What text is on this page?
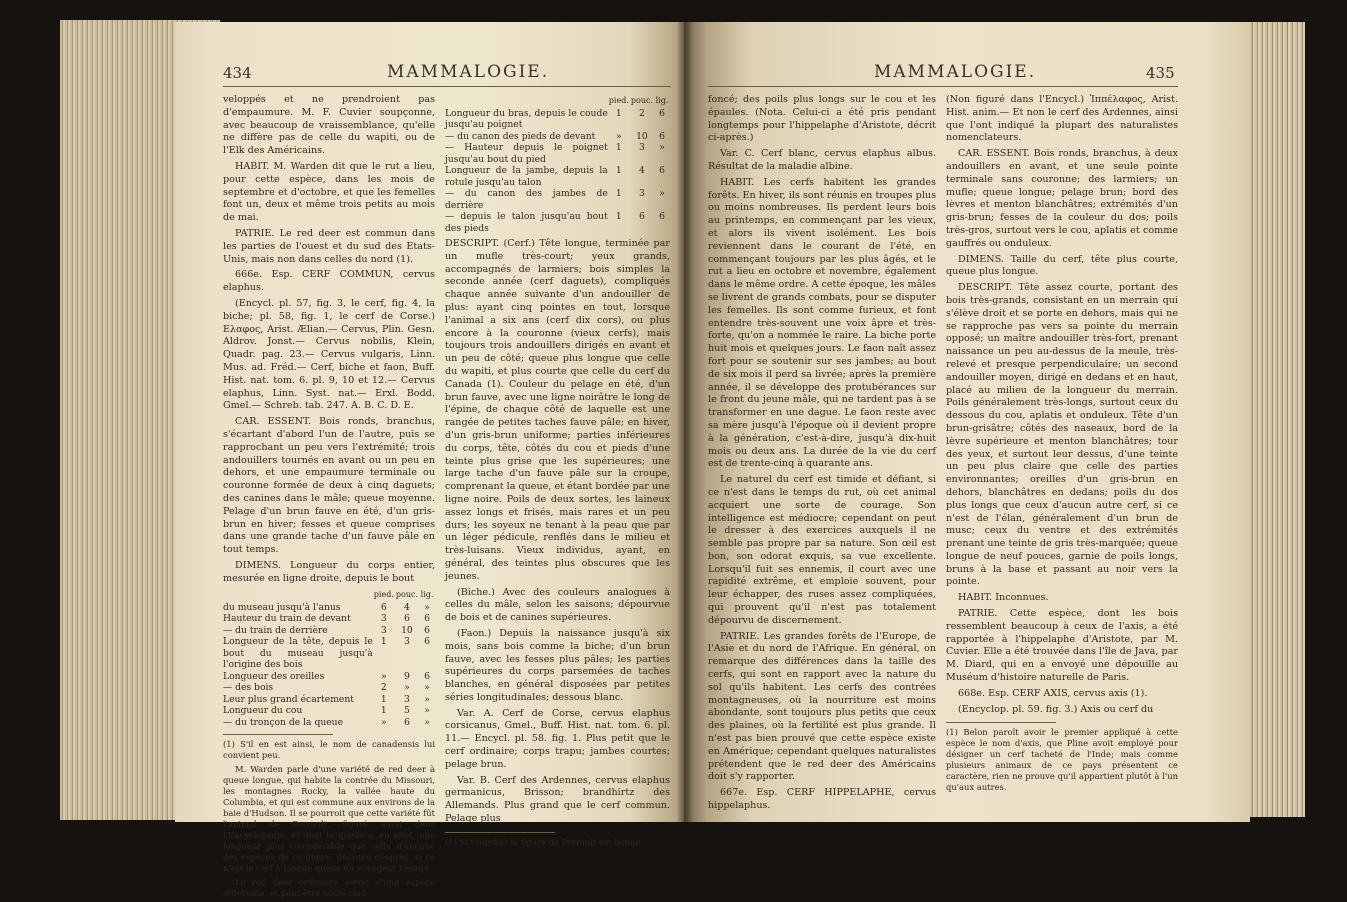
434	MAMMALOGIE.

veloppés et ne prendroient pas d'empaumure. M. F. Cuvier soupçonne, avec beaucoup de vraissemblance, qu'elle ne diffère pas de celle du wapiti, ou de l'Elk des Américains.

HABIT. M. Warden dit que le rut a lieu, pour cette espèce, dans les mois de septembre et d'octobre, et que les femelles font un, deux et même trois petits au mois de mai.

PATRIE. Le red deer est commun dans les parties de l'ouest et du sud des Etats-Unis, mais non dans celles du nord (1).

666e. Esp. CERF COMMUN, cervus elaphus.

(Encycl. pl. 57, fig. 3, le cerf, fig. 4, la biche; pl. 58, fig. 1, le cerf de Corse.) Ελαφος, Arist. Ælian.— Cervus, Plin. Gesn. Aldrov. Jonst.— Cervus nobilis, Klein, Quadr. pag. 23.— Cervus vulgaris, Linn. Mus. ad. Fréd.— Cerf, biche et faon, Buff. Hist. nat. tom. 6. pl. 9, 10 et 12.— Cervus elaphus, Linn. Syst. nat.— Erxl. Bodd. Gmel.— Schreb. tab. 247. A. B. C. D. E.

CAR. ESSENT. Bois ronds, branchus, s'écartant d'abord l'un de l'autre, puis se rapprochant un peu vers l'extrémité; trois andouillers tournés en avant ou un peu en dehors, et une empaumure terminale ou couronne formée de deux à cinq daguets; des canines dans le mâle; queue moyenne. Pelage d'un brun fauve en été, d'un gris-brun en hiver; fesses et queue comprises dans une grande tache d'un fauve pâle en tout temps.

DIMENS. Longueur du corps entier, mesurée en ligne droite, depuis le bout

	pied.	pouc.	lig.
du museau jusqu'à l'anus	6	4	»
Hauteur du train de devant	3	6	6
— du train de derrière	3	10	6
Longueur de la tête, depuis le bout du museau jusqu'à l'origine des bois	1	3	6
Longueur des oreilles	»	9	6
— des bois	2	»	»
Leur plus grand écartement	1	3	»
Longueur du cou	1	5	»
— du tronçon de la queue	»	6	»

(1) S'il en est ainsi, le nom de canadensis lui convient peu.

M. Warden parle d'une variété de red deer à queue longue, qui habite la contrée du Missouri, les montagnes Rocky, la vallée haute du Columbia, et qui est commune aux environs de la baie d'Hudson. Il se pourroit que cette variété fût l'animal de Perrault, figuré aussi dans l'Encyclopédie, et dont la queue a, en effet, une longueur plus considérable que celle d'aucune des espèces de ce genre, décrites ci-après, si ce n'est le cerf à longue queue du voyageur Lesage.

Le red deer ordinaire seroit d'une espèce différente, et peut-être notre cerf.

	pied.	pouc.	lig.
Longueur du bras, depuis le coude jusqu'au poignet	1	2	6
— du canon des pieds de devant	»	10	6
— Hauteur depuis le poignet jusqu'au bout du pied	1	3	»
Longueur de la jambe, depuis la rotule jusqu'au talon	1	4	6
— du canon des jambes de derrière	1	3	»
— depuis le talon jusqu'au bout des pieds	1	6	6

DESCRIPT. (Cerf.) Tête longue, terminée par un mufle très-court; yeux grands, accompagnés de larmiers; bois simples la seconde année (cerf daguets), compliqués chaque année suivante d'un andouiller de plus: ayant cinq pointes en tout, lorsque l'animal a six ans (cerf dix cors), ou plus encore à la couronne (vieux cerfs), mais toujours trois andouillers dirigés en avant et un peu de côté; queue plus longue que celle du wapiti, et plus courte que celle du cerf du Canada (1). Couleur du pelage en été, d'un brun fauve, avec une ligne noirâtre le long de l'épine, de chaque côté de laquelle est une rangée de petites taches fauve pâle; en hiver, d'un gris-brun uniforme; parties inférieures du corps, tête, côtés du cou et pieds d'une teinte plus grise que les supérieures; une large tache d'un fauve pâle sur la croupe, comprenant la queue, et étant bordée par une ligne noire. Poils de deux sortes, les laineux assez longs et frisés, mais rares et un peu durs; les soyeux ne tenant à la peau que par un léger pédicule, renflés dans le milieu et très-luisans. Vieux individus, ayant, en général, des teintes plus obscures que les jeunes.

(Biche.) Avec des couleurs analogues à celles du mâle, selon les saisons; dépourvue de bois et de canines supérieures.

(Faon.) Depuis la naissance jusqu'à six mois, sans bois comme la biche; d'un brun fauve, avec les fesses plus pâles; les parties supérieures du corps parsemées de taches blanches, en général disposées par petites séries longitudinales; dessous blanc.

Var. A. Cerf de Corse, cervus elaphus corsicanus, Gmel., Buff. Hist. nat. tom. 6. pl. 11.— Encycl. pl. 58. fig. 1. Plus petit que le cerf ordinaire; corps trapu; jambes courtes; pelage brun.

Var. B. Cerf des Ardennes, cervus elaphus germanicus, Brisson; brandhirtz des Allemands. Plus grand que le cerf commun. Pelage plus

(1) Si toutefois la figure de Perrault est bonne.
MAMMALOGIE.	435

foncé; des poils plus longs sur le cou et les épaules. (Nota. Celui-ci a été pris pendant longtemps pour l'hippelaphe d'Aristote, décrit ci-après.)

Var. C. Cerf blanc, cervus elaphus albus. Résultat de la maladie albine.

HABIT. Les cerfs habitent les grandes forêts. En hiver, ils sont réunis en troupes plus ou moins nombreuses. Ils perdent leurs bois au printemps, en commençant par les vieux, et alors ils vivent isolément. Les bois reviennent dans le courant de l'été, en commençant toujours par les plus âgés, et le rut a lieu en octobre et novembre, également dans le même ordre. A cette époque, les mâles se livrent de grands combats, pour se disputer les femelles. Ils sont comme furieux, et font entendre très-souvent une voix âpre et très-forte, qu'on a nommée le raire. La biche porte huit mois et quelques jours. Le faon naît assez fort pour se soutenir sur ses jambes; au bout de six mois il perd sa livrée; après la première année, il se développe des protubérances sur le front du jeune mâle, qui ne tardent pas à se transformer en une dague. Le faon reste avec sa mère jusqu'à l'époque où il devient propre à la génération, c'est-à-dire, jusqu'à dix-huit mois ou deux ans. La durée de la vie du cerf est de trente-cinq à quarante ans.

Le naturel du cerf est timide et défiant, si ce n'est dans le temps du rut, où cet animal acquiert une sorte de courage. Son intelligence est médiocre; cependant on peut le dresser à des exercices auxquels il ne semble pas propre par sa nature. Son œil est bon, son odorat exquis, sa vue excellente. Lorsqu'il fuit ses ennemis, il court avec une rapidité extrême, et emploie souvent, pour leur échapper, des ruses assez compliquées, qui prouvent qu'il n'est pas totalement dépourvu de discernement.

PATRIE. Les grandes forêts de l'Europe, de l'Asie et du nord de l'Afrique. En général, on remarque des différences dans la taille des cerfs, qui sont en rapport avec la nature du sol qu'ils habitent. Les cerfs des contrées montagneuses, où la nourriture est moins abondante, sont toujours plus petits que ceux des plaines, où la fertilité est plus grande. Il n'est pas bien prouvé que cette espèce existe en Amérique; cependant quelques naturalistes prétendent que le red deer des Américains doit s'y rapporter.

667e. Esp. CERF HIPPELAPHE, cervus hippelaphus.

(Non figuré dans l'Encycl.) Ἱππέλαφος, Arist. Hist. anim.— Et non le cerf des Ardennes, ainsi que l'ont indiqué la plupart des naturalistes nomenclateurs.

CAR. ESSENT. Bois ronds, branchus, à deux andouillers en avant, et une seule pointe terminale sans couronne; des larmiers; un mufle; queue longue; pelage brun; bord des lèvres et menton blanchâtres; extrémités d'un gris-brun; fesses de la couleur du dos; poils très-gros, surtout vers le cou, aplatis et comme gauffrés ou onduleux.

DIMENS. Taille du cerf, tête plus courte, queue plus longue.

DESCRIPT. Tête assez courte, portant des bois très-grands, consistant en un merrain qui s'élève droit et se porte en dehors, mais qui ne se rapproche pas vers sa pointe du merrain opposé; un maître andouiller très-fort, prenant naissance un peu au-dessus de la meule, très-relevé et presque perpendiculaire; un second andouiller moyen, dirigé en dedans et en haut, placé au milieu de la longueur du merrain. Poils généralement très-longs, surtout ceux du dessous du cou, aplatis et onduleux. Tête d'un brun-grisâtre; côtés des naseaux, bord de la lèvre supérieure et menton blanchâtres; tour des yeux, et surtout leur dessus, d'une teinte un peu plus claire que celle des parties environnantes; oreilles d'un gris-brun en dehors, blanchâtres en dedans; poils du dos plus longs que ceux d'aucun autre cerf, si ce n'est de l'élan, généralement d'un brun de musc; ceux du ventre et des extrémités prenant une teinte de gris très-marquée; queue longue de neuf pouces, garnie de poils longs, bruns à la base et passant au noir vers la pointe.

HABIT. Inconnues.

PATRIE. Cette espèce, dont les bois ressemblent beaucoup à ceux de l'axis, a été rapportée à l'hippelaphe d'Aristote, par M. Cuvier. Elle a été trouvée dans l'île de Java, par M. Diard, qui en a envoyé une dépouille au Muséum d'histoire naturelle de Paris.

668e. Esp. CERF AXIS, cervus axis (1).

(Encyclop. pl. 59. fig. 3.) Axis ou cerf du

(1) Belon paroît avoir le premier appliqué à cette espèce le nom d'axis, que Pline avoit employé pour désigner un cerf tacheté de l'Inde; mais comme plusieurs animaux de ce pays présentent ce caractère, rien ne prouve qu'il appartient plutôt à l'un qu'aux autres.
